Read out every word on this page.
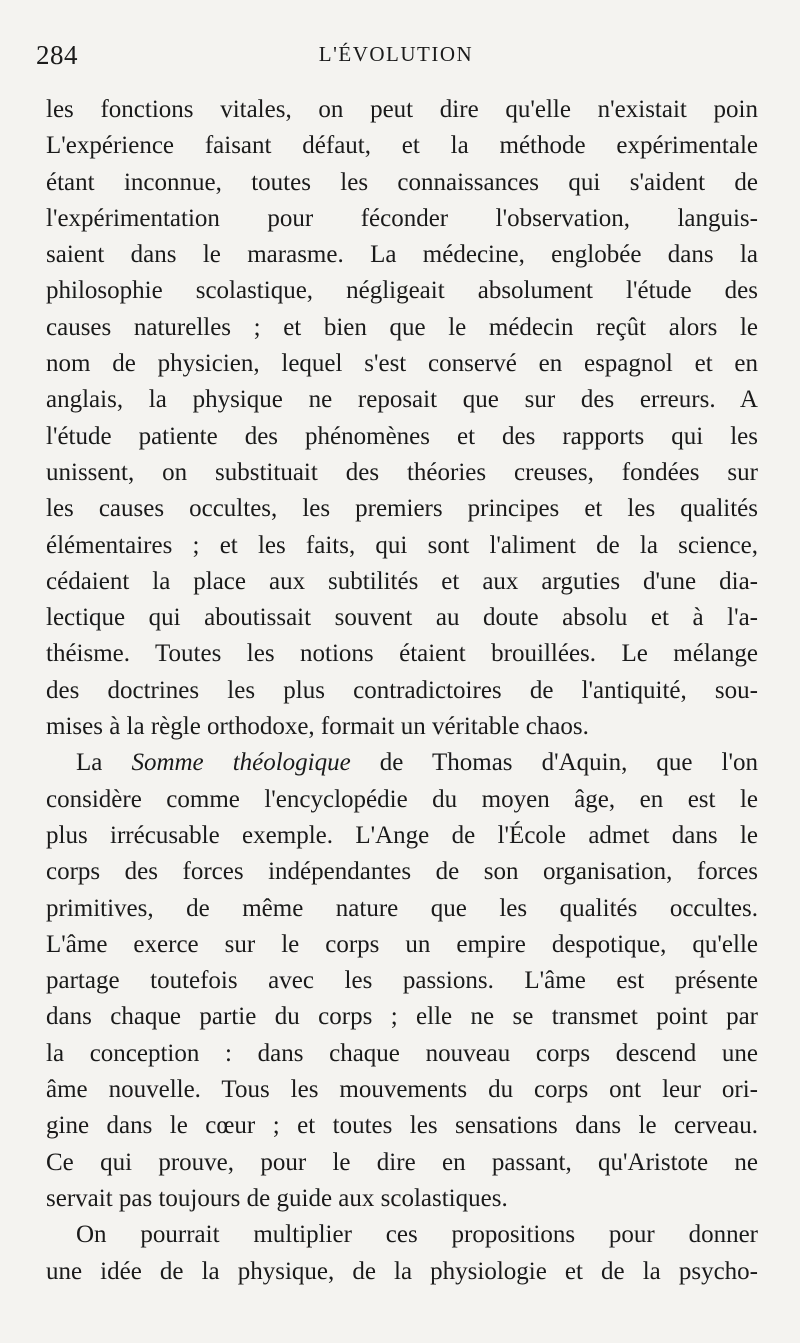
284	L'ÉVOLUTION
les fonctions vitales, on peut dire qu'elle n'existait poin
L'expérience faisant défaut, et la méthode expérimentale
étant inconnue, toutes les connaissances qui s'aident de
l'expérimentation pour féconder l'observation, languis-
saient dans le marasme. La médecine, englobée dans la
philosophie scolastique, négligeait absolument l'étude des
causes naturelles ; et bien que le médecin reçût alors le
nom de physicien, lequel s'est conservé en espagnol et en
anglais, la physique ne reposait que sur des erreurs. A
l'étude patiente des phénomènes et des rapports qui les
unissent, on substituait des théories creuses, fondées sur
les causes occultes, les premiers principes et les qualités
élémentaires ; et les faits, qui sont l'aliment de la science,
cédaient la place aux subtilités et aux arguties d'une dia-
lectique qui aboutissait souvent au doute absolu et à l'a-
théisme. Toutes les notions étaient brouillées. Le mélange
des doctrines les plus contradictoires de l'antiquité, sou-
mises à la règle orthodoxe, formait un véritable chaos.
La Somme théologique de Thomas d'Aquin, que l'on
considère comme l'encyclopédie du moyen âge, en est le
plus irrécusable exemple. L'Ange de l'École admet dans le
corps des forces indépendantes de son organisation, forces
primitives, de même nature que les qualités occultes.
L'âme exerce sur le corps un empire despotique, qu'elle
partage toutefois avec les passions. L'âme est présente
dans chaque partie du corps ; elle ne se transmet point par
la conception : dans chaque nouveau corps descend une
âme nouvelle. Tous les mouvements du corps ont leur ori-
gine dans le cœur ; et toutes les sensations dans le cerveau.
Ce qui prouve, pour le dire en passant, qu'Aristote ne
servait pas toujours de guide aux scolastiques.
On pourrait multiplier ces propositions pour donner
une idée de la physique, de la physiologie et de la psycho-
